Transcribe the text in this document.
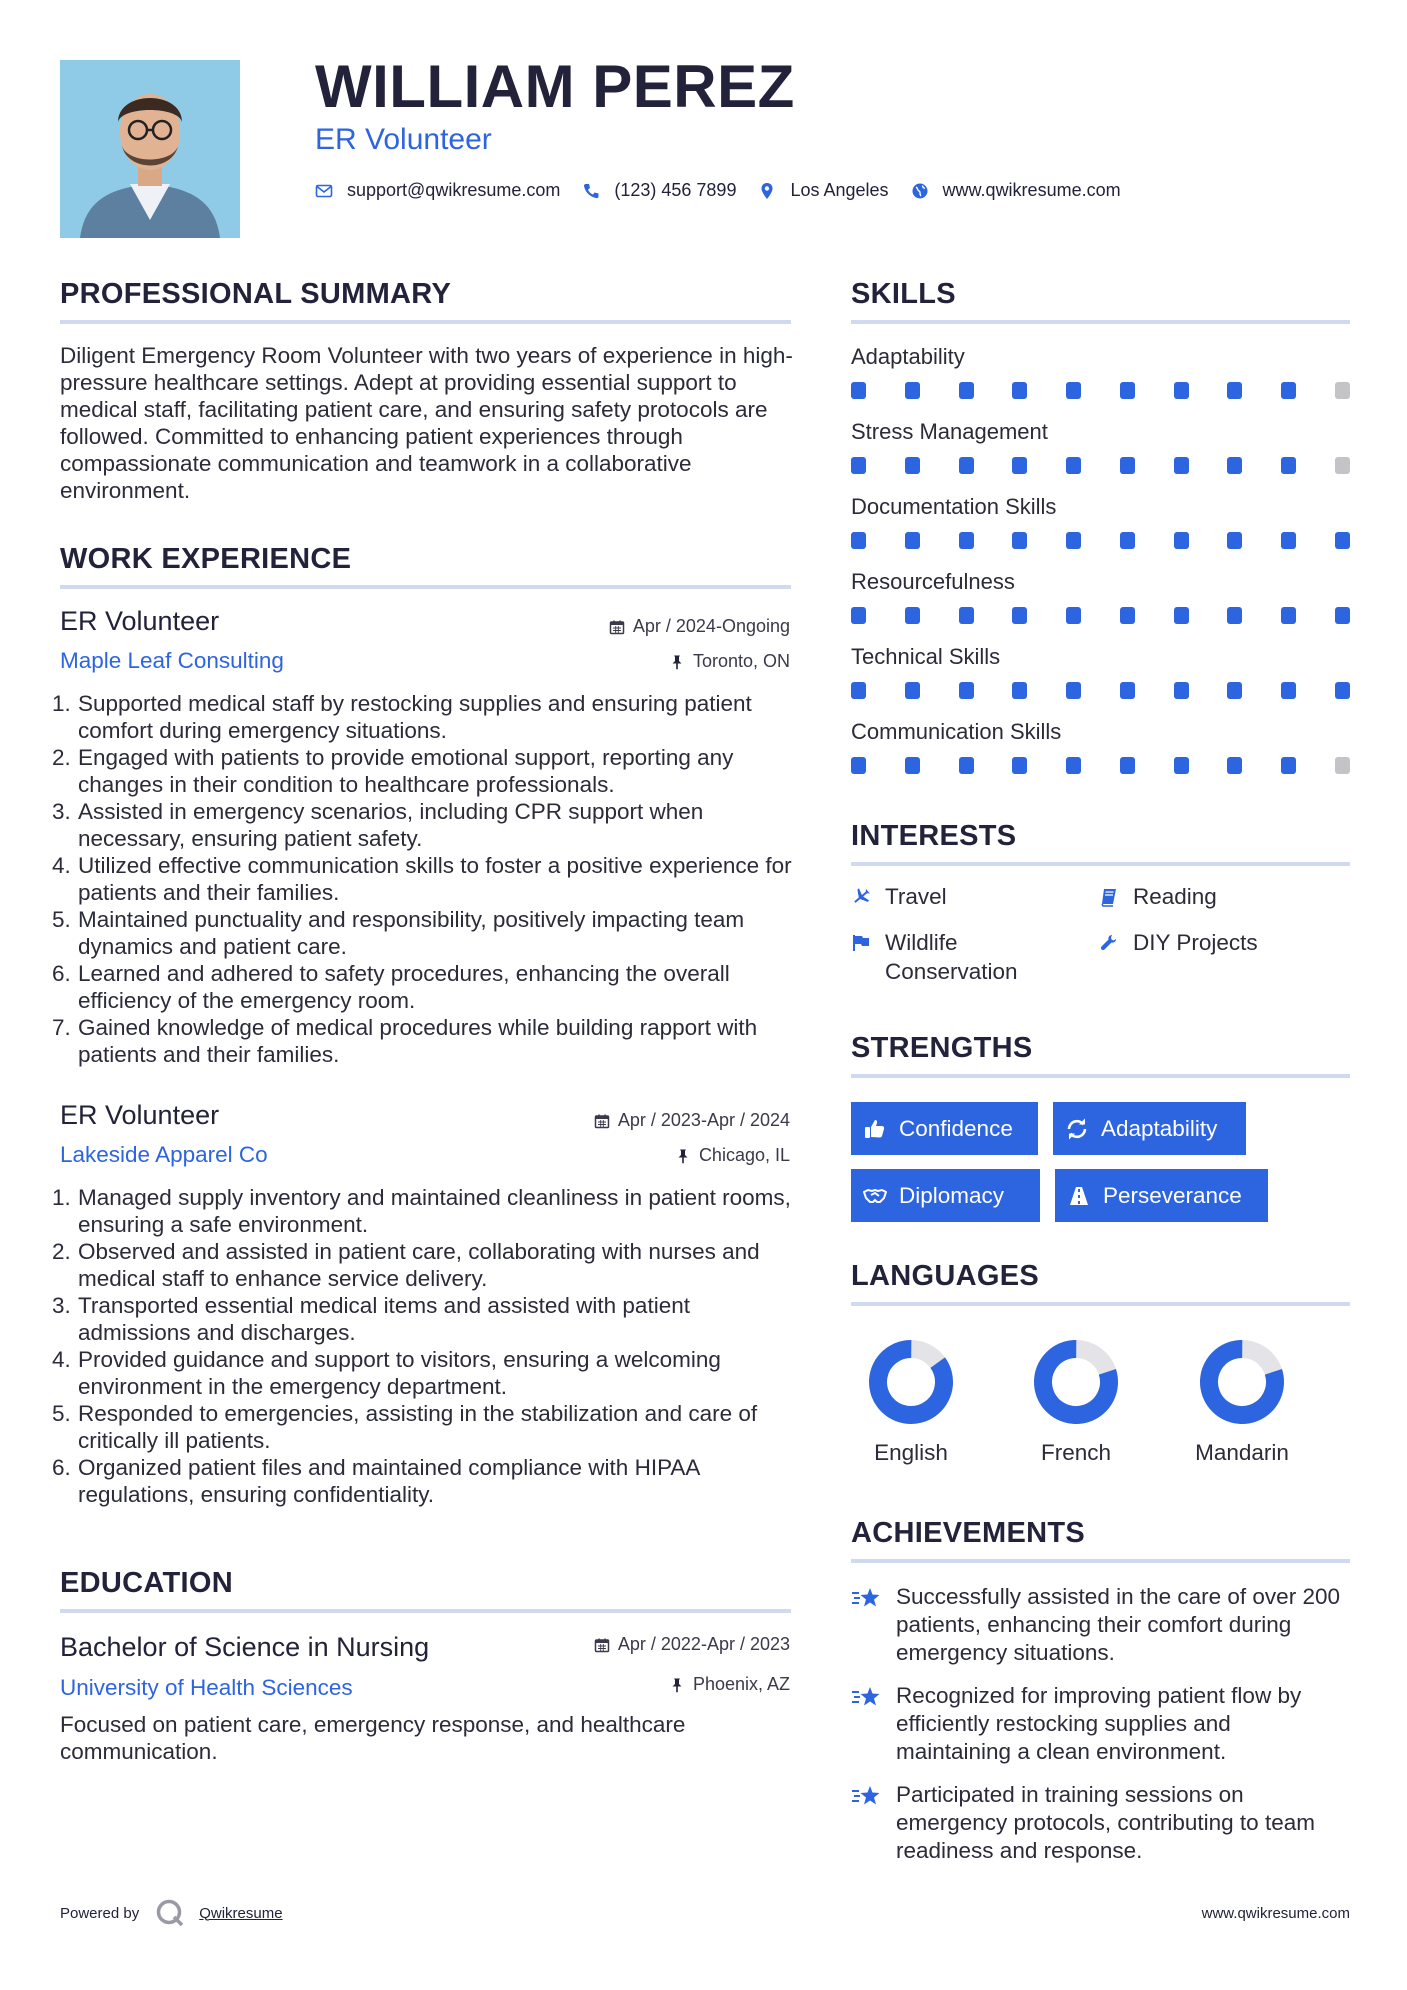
WILLIAM PEREZ
ER Volunteer
support@qwikresume.com	(123) 456 7899	Los Angeles	www.qwikresume.com
PROFESSIONAL SUMMARY
Diligent Emergency Room Volunteer with two years of experience in high-pressure healthcare settings. Adept at providing essential support to medical staff, facilitating patient care, and ensuring safety protocols are followed. Committed to enhancing patient experiences through compassionate communication and teamwork in a collaborative environment.
WORK EXPERIENCE
ER Volunteer	Apr / 2024-Ongoing
Maple Leaf Consulting	Toronto, ON
1. Supported medical staff by restocking supplies and ensuring patient comfort during emergency situations.
2. Engaged with patients to provide emotional support, reporting any changes in their condition to healthcare professionals.
3. Assisted in emergency scenarios, including CPR support when necessary, ensuring patient safety.
4. Utilized effective communication skills to foster a positive experience for patients and their families.
5. Maintained punctuality and responsibility, positively impacting team dynamics and patient care.
6. Learned and adhered to safety procedures, enhancing the overall efficiency of the emergency room.
7. Gained knowledge of medical procedures while building rapport with patients and their families.
ER Volunteer	Apr / 2023-Apr / 2024
Lakeside Apparel Co	Chicago, IL
1. Managed supply inventory and maintained cleanliness in patient rooms, ensuring a safe environment.
2. Observed and assisted in patient care, collaborating with nurses and medical staff to enhance service delivery.
3. Transported essential medical items and assisted with patient admissions and discharges.
4. Provided guidance and support to visitors, ensuring a welcoming environment in the emergency department.
5. Responded to emergencies, assisting in the stabilization and care of critically ill patients.
6. Organized patient files and maintained compliance with HIPAA regulations, ensuring confidentiality.
EDUCATION
Bachelor of Science in Nursing	Apr / 2022-Apr / 2023
University of Health Sciences	Phoenix, AZ
Focused on patient care, emergency response, and healthcare communication.
SKILLS
Adaptability
Stress Management
Documentation Skills
Resourcefulness
Technical Skills
Communication Skills
INTERESTS
Travel	Reading
Wildlife Conservation
DIY Projects
STRENGTHS
Confidence	Adaptability
Diplomacy	Perseverance
LANGUAGES
English	French	Mandarin
ACHIEVEMENTS
Successfully assisted in the care of over 200 patients, enhancing their comfort during emergency situations.
Recognized for improving patient flow by efficiently restocking supplies and maintaining a clean environment.
Participated in training sessions on emergency protocols, contributing to team readiness and response.
Powered by	Qwikresume	www.qwikresume.com
